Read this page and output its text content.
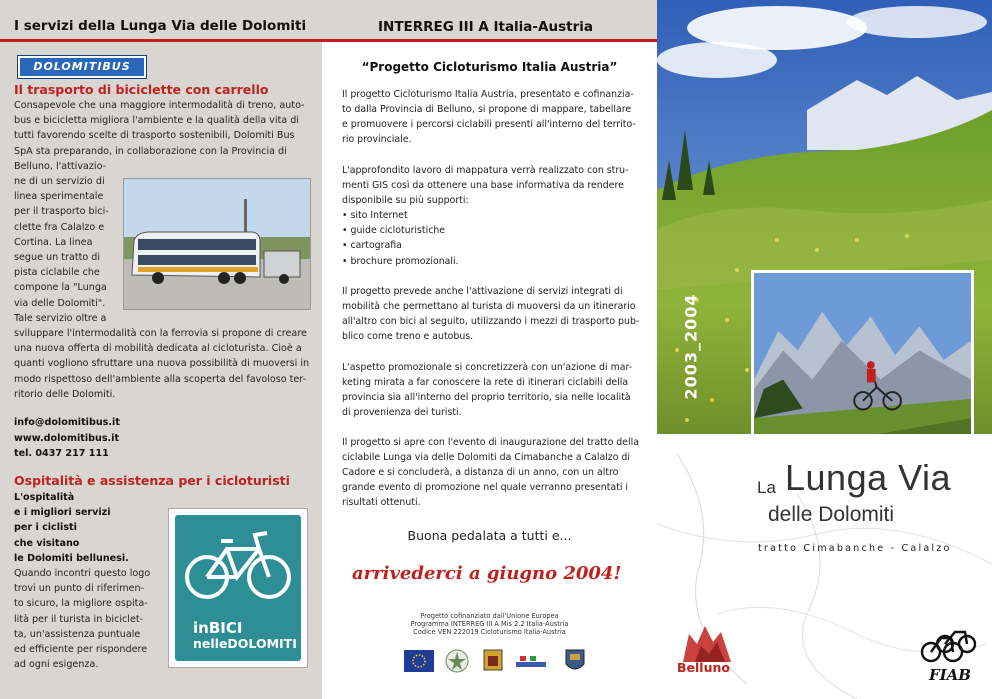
I servizi della Lunga Via delle Dolomiti
DOLOMITIBUS
Il trasporto di biciclette con carrello
Consapevole che una maggiore intermodalità di treno, auto-
bus e bicicletta migliora l'ambiente e la qualità della vita di
tutti favorendo scelte di trasporto sostenibili, Dolomiti Bus
SpA sta preparando, in collaborazione con la Provincia di
Belluno, l'attivazio-
ne di un servizio di
linea sperimentale
per il trasporto bici-
clette fra Calalzo e
Cortina. La linea
segue un tratto di
pista ciclabile che
compone la "Lunga
via delle Dolomiti".
Tale servizio oltre a
sviluppare l'intermodalità con la ferrovia si propone di creare
una nuova offerta di mobilità dedicata al cicloturista. Cioè a
quanti vogliono sfruttare una nuova possibilità di muoversi in
modo rispettoso dell'ambiente alla scoperta del favoloso ter-
ritorio delle Dolomiti.
info@dolomitibus.it
www.dolomitibus.it
tel. 0437 217 111
Ospitalità e assistenza per i cicloturisti
L'ospitalità
e i migliori servizi
per i ciclisti
che visitano
le Dolomiti bellunesi.
Quando incontri questo logo
trovi un punto di riferimen-
to sicuro, la migliore ospita-
lità per il turista in biciclet-
ta, un'assistenza puntuale
ed efficiente per rispondere
ad ogni esigenza.
inBICI
nelleDOLOMITI
INTERREG III A Italia-Austria
“Progetto Cicloturismo Italia Austria”
Il progetto Cicloturismo Italia Austria, presentato e cofinanzia-
to dalla Provincia di Belluno, si propone di mappare, tabellare
e promuovere i percorsi ciclabili presenti all'interno del territo-
rio provinciale.
L'approfondito lavoro di mappatura verrà realizzato con stru-
menti GIS così da ottenere una base informativa da rendere
disponibile su più supporti:
• sito Internet
• guide cicloturistiche
• cartografia
• brochure promozionali.
Il progetto prevede anche l'attivazione di servizi integrati di
mobilità che permettano al turista di muoversi da un itinerario
all'altro con bici al seguito, utilizzando i mezzi di trasporto pub-
blico come treno e autobus.
L'aspetto promozionale si concretizzerà con un'azione di mar-
keting mirata a far conoscere la rete di itinerari ciclabili della
provincia sia all'interno del proprio territorio, sia nelle località
di provenienza dei turisti.
Il progetto si apre con l'evento di inaugurazione del tratto della
ciclabile Lunga via delle Dolomiti da Cimabanche a Calalzo di
Cadore e si concluderà, a distanza di un anno, con un altro
grande evento di promozione nel quale verranno presentati i
risultati ottenuti.
Buona pedalata a tutti e...
arrivederci a giugno 2004!
Progetto cofinanziato dall'Unione Europea
Programma INTERREG III A Mis 2.2 Italia-Austria
Codice VEN 222019 Cicloturismo Italia-Austria
2003_2004
La Lunga Via
delle Dolomiti
tratto Cimabanche - Calalzo
Belluno	FIAB
